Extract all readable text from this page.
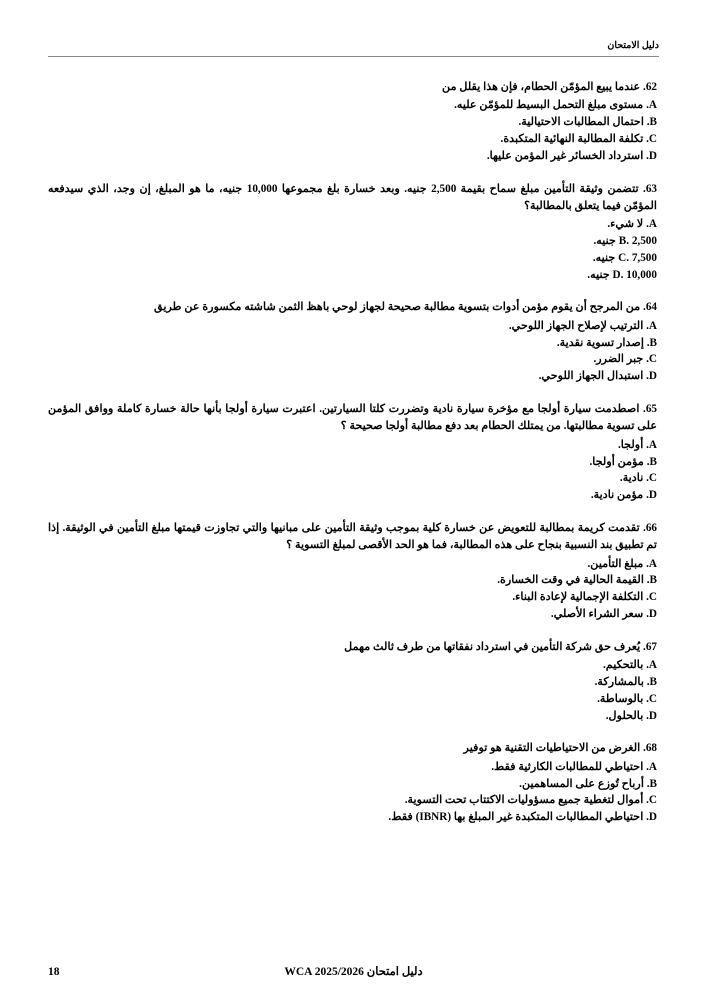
دليل الامتحان
62. عندما يبيع المؤمّن الحطام، فإن هذا يقلل من
A. مستوى مبلغ التحمل البسيط للمؤمّن عليه.
B. احتمال المطالبات الاحتيالية.
C. تكلفة المطالبة النهائية المتكبدة.
D. استرداد الخسائر غير المؤمن عليها.
63. تتضمن وثيقة التأمين مبلغ سماح بقيمة 2,500 جنيه. وبعد خسارة بلغ مجموعها 10,000 جنيه، ما هو المبلغ، إن وجد، الذي سيدفعه المؤمّن فيما يتعلق بالمطالبة؟
A. لا شيء.
B. 2,500 جنيه.
C. 7,500 جنيه.
D. 10,000 جنيه.
64. من المرجح أن يقوم مؤمن أدوات بتسوية مطالبة صحيحة لجهاز لوحي باهظ الثمن شاشته مكسورة عن طريق
A. الترتيب لإصلاح الجهاز اللوحي.
B. إصدار تسوية نقدية.
C. جبر الضرر.
D. استبدال الجهاز اللوحي.
65. اصطدمت سيارة أولجا مع مؤخرة سيارة نادية وتضررت كلتا السيارتين. اعتبرت سيارة أولجا بأنها حالة خسارة كاملة ووافق المؤمن على تسوية مطالبتها. من يمتلك الحطام بعد دفع مطالبة أولجا صحيحة ؟
A. أولجا.
B. مؤمن أولجا.
C. نادية.
D. مؤمن نادية.
66. تقدمت كريمة بمطالبة للتعويض عن خسارة كلية بموجب وثيقة التأمين على مبانيها والتي تجاوزت قيمتها مبلغ التأمين في الوثيقة. إذا تم تطبيق بند النسبية بنجاح على هذه المطالبة، فما هو الحد الأقصى لمبلغ التسوية ؟
A. مبلغ التأمين.
B. القيمة الحالية في وقت الخسارة.
C. التكلفة الإجمالية لإعادة البناء.
D. سعر الشراء الأصلي.
67. يُعرف حق شركة التأمين في استرداد نفقاتها من طرف ثالث مهمل
A. بالتحكيم.
B. بالمشاركة.
C. بالوساطة.
D. بالحلول.
68. الغرض من الاحتياطيات التقنية هو توفير
A. احتياطي للمطالبات الكارثية فقط.
B. أرباح تُوزع على المساهمين.
C. أموال لتغطية جميع مسؤوليات الاكتتاب تحت التسوية.
D. احتياطي المطالبات المتكبدة غير المبلغ بها (IBNR) فقط.
دليل امتحان WCA 2025/2026
18
